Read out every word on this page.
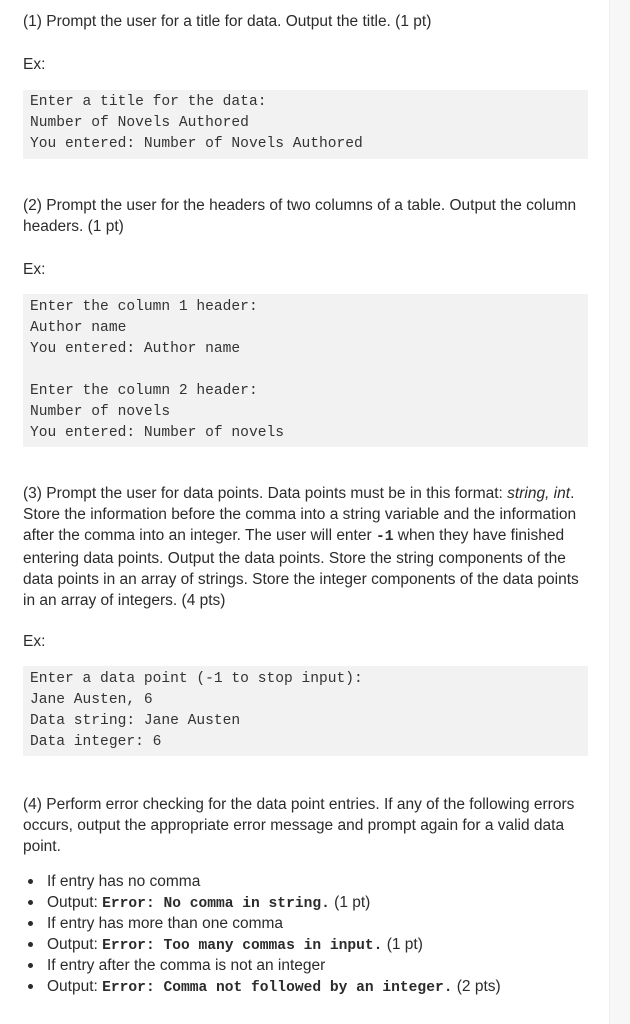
(1) Prompt the user for a title for data. Output the title. (1 pt)

Ex:

Enter a title for the data:
Number of Novels Authored
You entered: Number of Novels Authored

(2) Prompt the user for the headers of two columns of a table. Output the column
headers. (1 pt)

Ex:

Enter the column 1 header:
Author name
You entered: Author name
Enter the column 2 header:
Number of novels
You entered: Number of novels

(3) Prompt the user for data points. Data points must be in this format: string, int.
Store the information before the comma into a string variable and the information
after the comma into an integer. The user will enter -1 when they have finished
entering data points. Output the data points. Store the string components of the
data points in an array of strings. Store the integer components of the data points
in an array of integers. (4 pts)

Ex:

Enter a data point (-1 to stop input):
Jane Austen, 6
Data string: Jane Austen
Data integer: 6

(4) Perform error checking for the data point entries. If any of the following errors
occurs, output the appropriate error message and prompt again for a valid data
point.

If entry has no comma
Output: Error: No comma in string. (1 pt)
If entry has more than one comma
Output: Error: Too many commas in input. (1 pt)
If entry after the comma is not an integer
Output: Error: Comma not followed by an integer. (2 pts)
